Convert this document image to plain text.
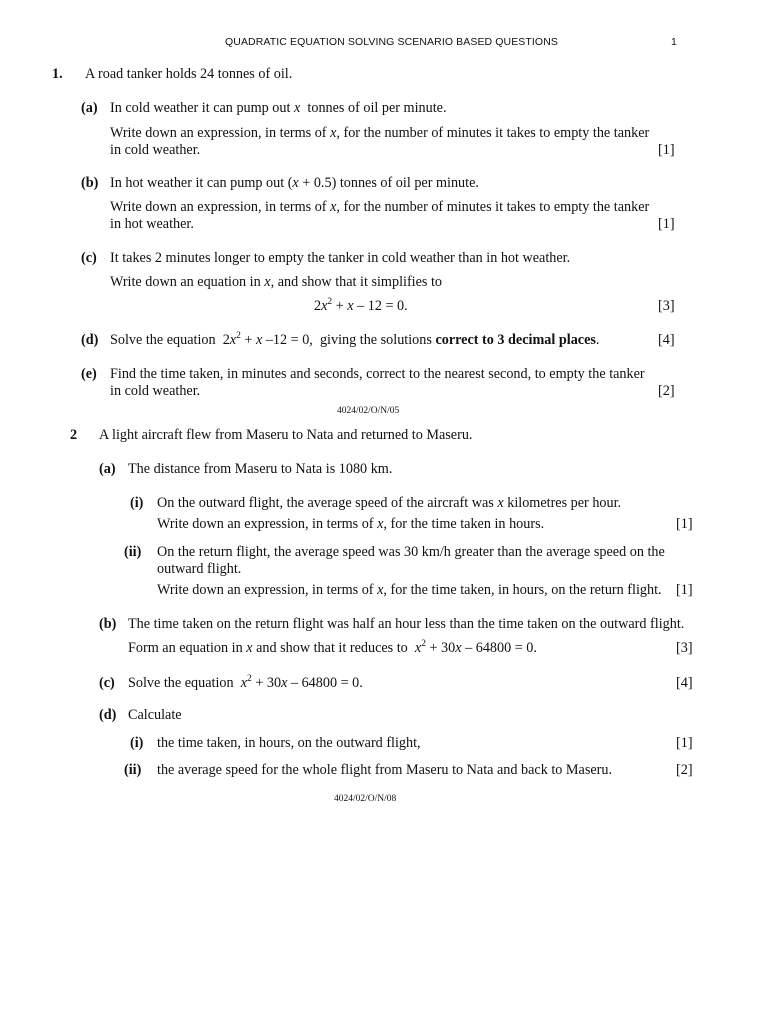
QUADRATIC EQUATION SOLVING SCENARIO BASED QUESTIONS	1
1. A road tanker holds 24 tonnes of oil.
(a) In cold weather it can pump out x tonnes of oil per minute.
Write down an expression, in terms of x, for the number of minutes it takes to empty the tanker
in cold weather.	[1]
(b) In hot weather it can pump out (x + 0.5) tonnes of oil per minute.
Write down an expression, in terms of x, for the number of minutes it takes to empty the tanker
in hot weather.	[1]
(c) It takes 2 minutes longer to empty the tanker in cold weather than in hot weather.
Write down an equation in x, and show that it simplifies to
$2x^2 + x - 12 = 0$.	[3]
(d) Solve the equation $2x^2 + x$ –12 = 0, giving the solutions correct to 3 decimal places.	[4]
(e) Find the time taken, in minutes and seconds, correct to the nearest second, to empty the tanker
in cold weather.	[2]
4024/02/O/N/05
2 A light aircraft flew from Maseru to Nata and returned to Maseru.
(a) The distance from Maseru to Nata is 1080 km.
(i) On the outward flight, the average speed of the aircraft was x kilometres per hour.
Write down an expression, in terms of x, for the time taken in hours.	[1]
(ii) On the return flight, the average speed was 30 km/h greater than the average speed on the
outward flight.
Write down an expression, in terms of x, for the time taken, in hours, on the return flight. [1]
(b) The time taken on the return flight was half an hour less than the time taken on the outward flight.
Form an equation in x and show that it reduces to $x^2 + 30x - 64800 = 0$.	[3]
(c) Solve the equation $x^2 + 30x - 64800 = 0$.	[4]
(d) Calculate
(i) the time taken, in hours, on the outward flight,	[1]
(ii) the average speed for the whole flight from Maseru to Nata and back to Maseru.	[2]
4024/02/O/N/08
